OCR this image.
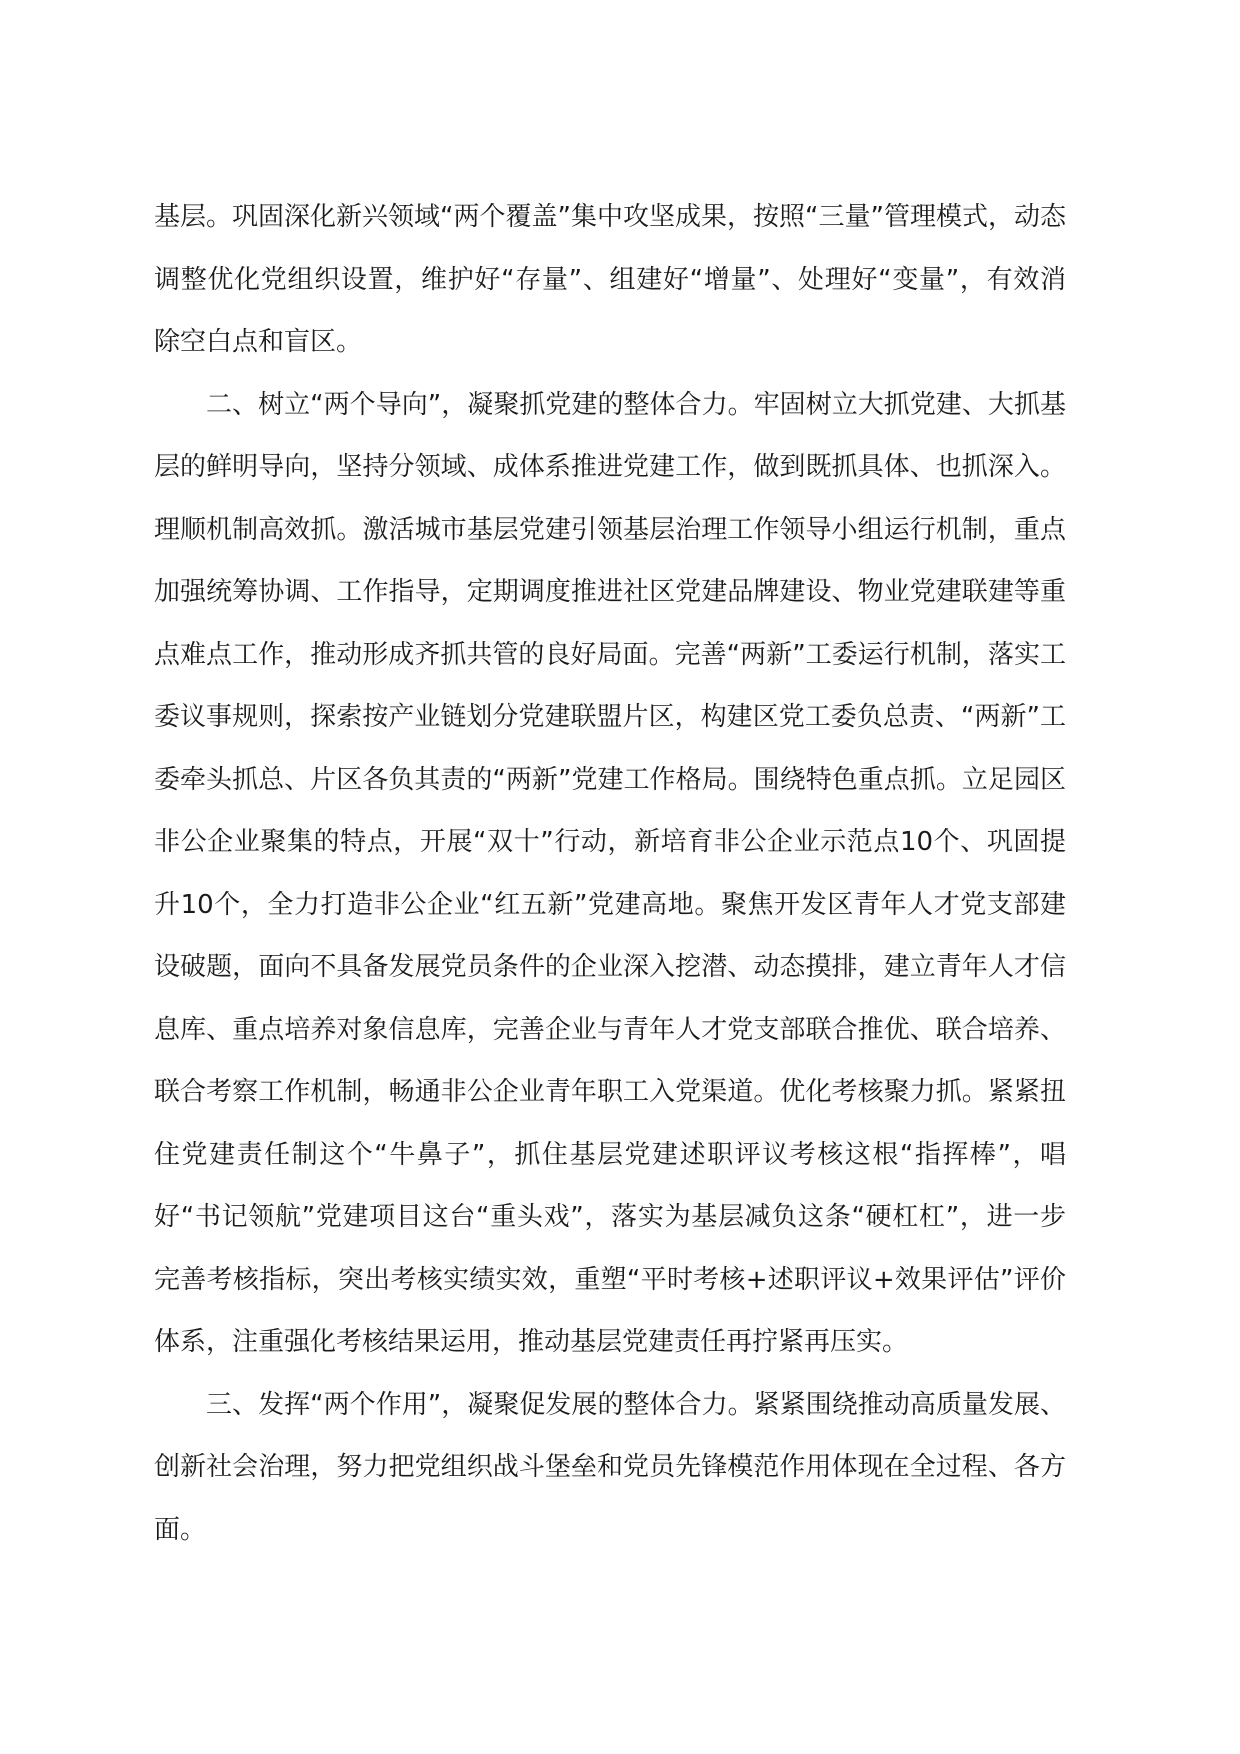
基层。巩固深化新兴领域“两个覆盖”集中攻坚成果，按照“三量”管理模式，动态调整优化党组织设置，维护好“存量”、组建好“增量”、处理好“变量”，有效消除空白点和盲区。

二、树立“两个导向”，凝聚抓党建的整体合力。牢固树立大抓党建、大抓基层的鲜明导向，坚持分领域、成体系推进党建工作，做到既抓具体、也抓深入。理顺机制高效抓。激活城市基层党建引领基层治理工作领导小组运行机制，重点加强统筹协调、工作指导，定期调度推进社区党建品牌建设、物业党建联建等重点难点工作，推动形成齐抓共管的良好局面。完善“两新”工委运行机制，落实工委议事规则，探索按产业链划分党建联盟片区，构建区党工委负总责、“两新”工委牵头抓总、片区各负其责的“两新”党建工作格局。围绕特色重点抓。立足园区非公企业聚集的特点，开展“双十”行动，新培育非公企业示范点10个、巩固提升10个，全力打造非公企业“红五新”党建高地。聚焦开发区青年人才党支部建设破题，面向不具备发展党员条件的企业深入挖潜、动态摸排，建立青年人才信息库、重点培养对象信息库，完善企业与青年人才党支部联合推优、联合培养、联合考察工作机制，畅通非公企业青年职工入党渠道。优化考核聚力抓。紧紧扭住党建责任制这个“牛鼻子”，抓住基层党建述职评议考核这根“指挥棒”，唱好“书记领航”党建项目这台“重头戏”，落实为基层减负这条“硬杠杠”，进一步完善考核指标，突出考核实绩实效，重塑“平时考核+述职评议+效果评估”评价体系，注重强化考核结果运用，推动基层党建责任再拧紧再压实。

三、发挥“两个作用”，凝聚促发展的整体合力。紧紧围绕推动高质量发展、创新社会治理，努力把党组织战斗堡垒和党员先锋模范作用体现在全过程、各方面。
